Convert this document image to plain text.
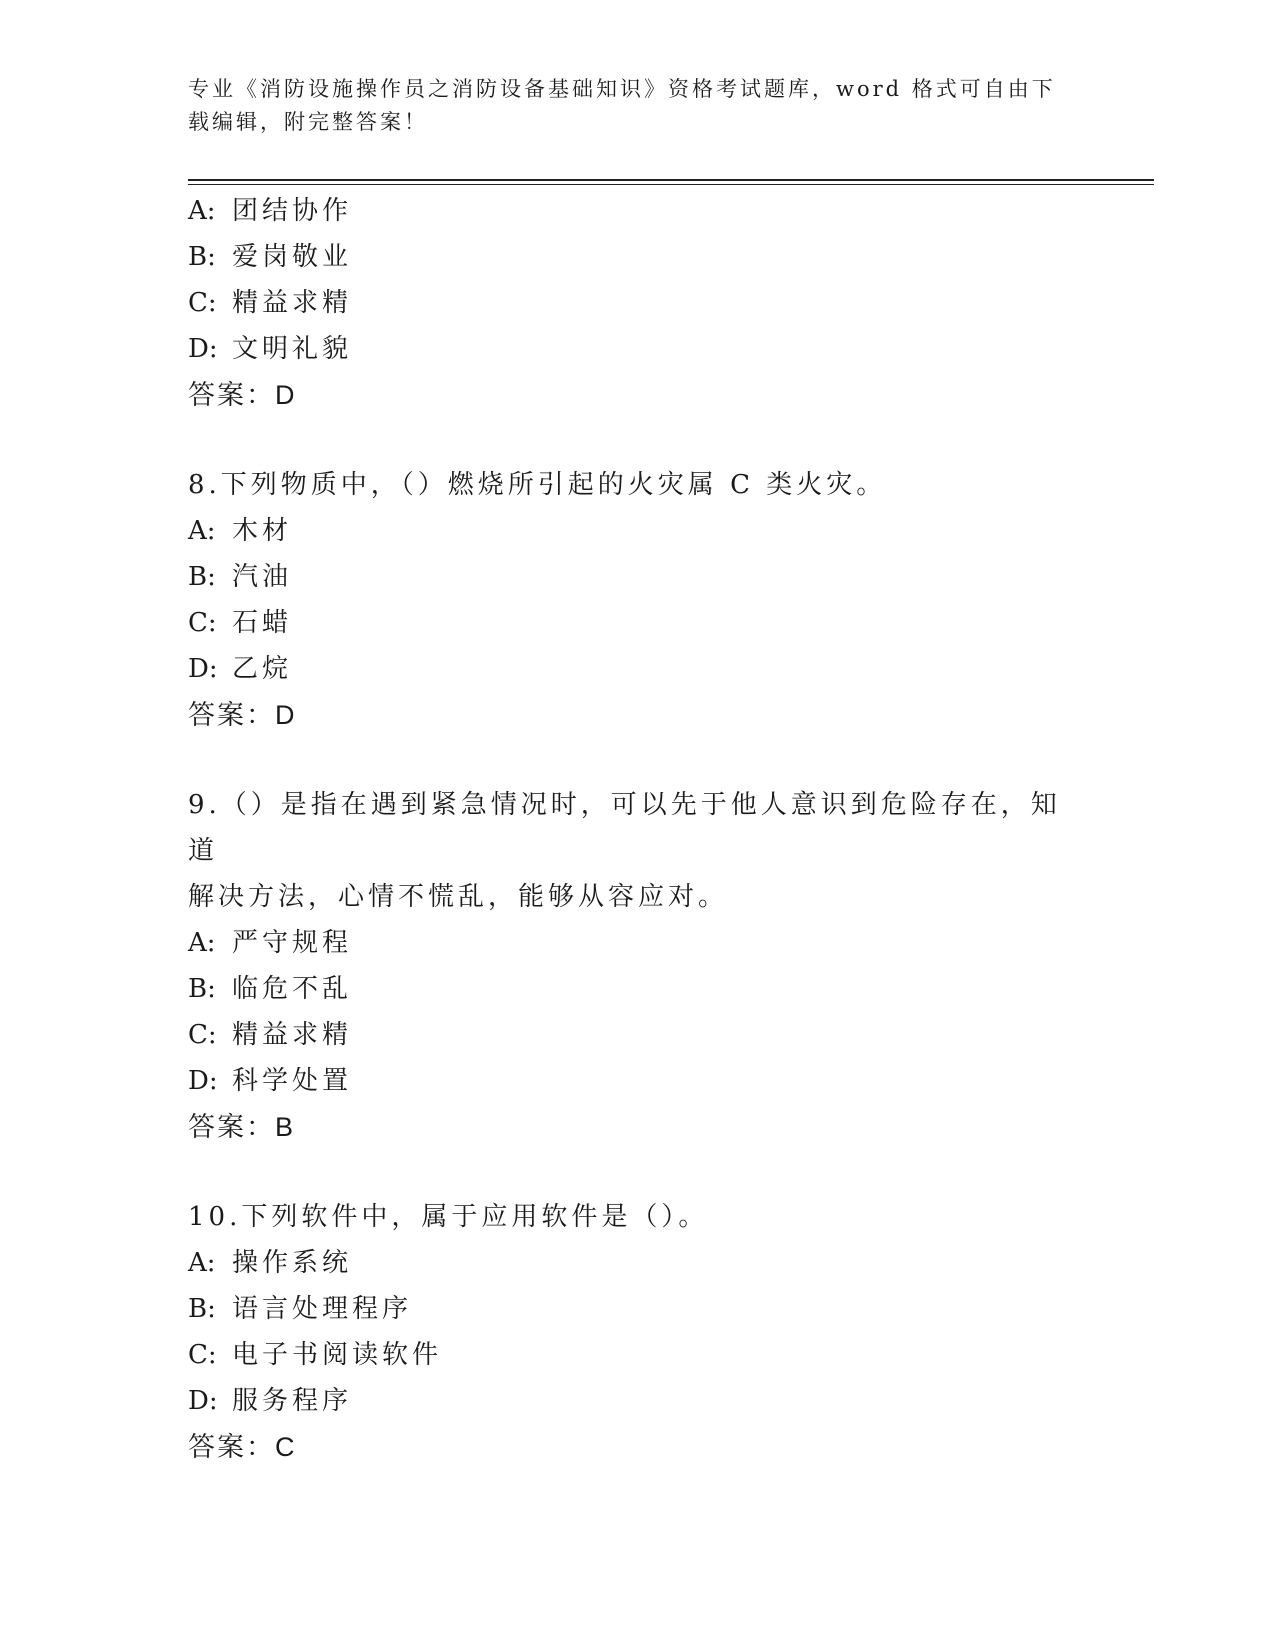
专业《消防设施操作员之消防设备基础知识》资格考试题库，word 格式可自由下载编辑，附完整答案！
A: 团结协作
B: 爱岗敬业
C: 精益求精
D: 文明礼貌
答案：D
8.下列物质中，（）燃烧所引起的火灾属 C 类火灾。
A: 木材
B: 汽油
C: 石蜡
D: 乙烷
答案：D
9.（）是指在遇到紧急情况时，可以先于他人意识到危险存在，知道
解决方法，心情不慌乱，能够从容应对。
A: 严守规程
B: 临危不乱
C: 精益求精
D: 科学处置
答案：B
10.下列软件中，属于应用软件是（）。
A: 操作系统
B: 语言处理程序
C: 电子书阅读软件
D: 服务程序
答案：C
